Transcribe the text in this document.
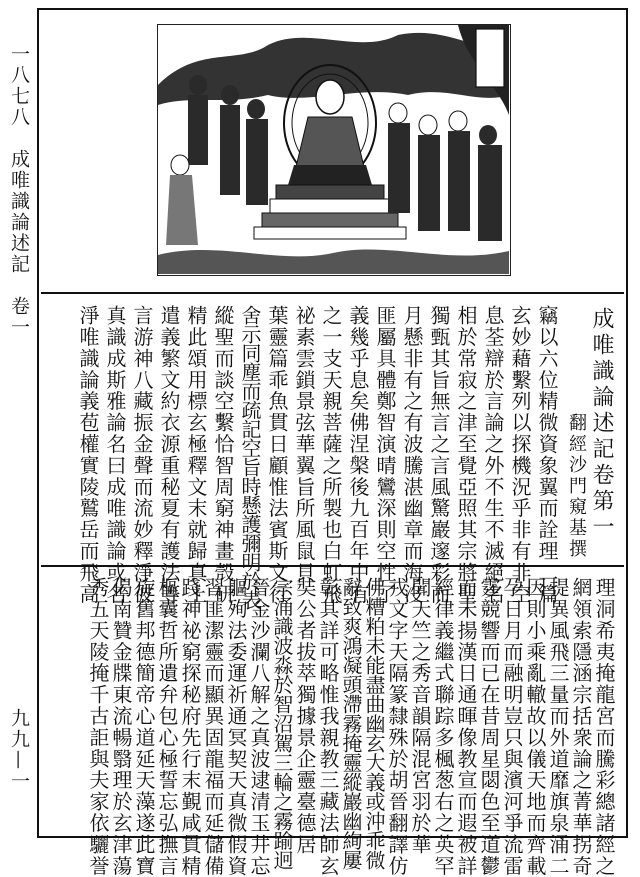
一八七八　成唯識論述記　卷一
九九—一
成唯識論述記卷第一
翻經沙門窺基撰
竊以六位精微資象翼而詮理二篇
玄妙藉繫列以探機況乎非有非空
息荃辯於言論之外不生不滅絕名
相於常寂之津至覺亞照其宗將聖
獨甄其旨無言之言風驚巖邃彩而
月懸非有之有波騰湛幽章而海沒
匪屬具體鄭智演晴鸞深則空性了
義幾乎息矣佛涅槃後九百年中有
之一支天親菩薩之所製也白虹飛
祕素雲鎖景弦華翼旨所風鼠貝
葉靈篇乖魚貫日顧惟法賓斯文行
舍示同塵而疏記空旨時懸護彌明於表
縱聖而談空繫恰智周窮神畫殼研
精此頌用標玄極釋文末就歸真上
遣義繁文約衣源重秘夏有護法等
言游神八藏振金聲而流妙釋淨彼
真識成斯雅論名曰成唯識論或名
淨唯識論義苞權實陵鷲岳而飛高
理洞希夷掩龍宮而騰彩總諸經之
網領索隱涵宗括衆論之菁華拐奇
提異風飛三量而外道靡旗泉涌二
因則小乘亂轍故以儀天地而齊載
孕日月而融明豈只與濱河爭流雷
霆競響而已在昔周星閟色至道鬱
而未揚漢日通暉像教宣而遐被詳
經律義繼式聯踪多楓葱右之英罕
聞天竺之秀音韻隔混宮羽於華
戎文字天隔篆隸殊於胡晉翻譯仿
佛糟粕未能盡曲幽玄大義或沖乖微
辭致爽鴻凝頭滯霧掩靈縱巖幽絢屢
彰其詳可略惟我親教三藏法師玄
奘公者拔萃獨據景企靈臺德居
宗涌識波淼於智沼駕三輪之霧踰迥
晉金沙瀾八解之真波逮清玉井忘
軀殉法委運祈通冥契天真微假資
習匪潔靈而顯異固龍福而延儲備
踐神祕窮探秘府先行末覲咸貫精
樞囊哲所遺弁包心極誓忘弘撫言
旋舊邦德簡帝心道延天藻遂此寶
偈南贊金牒東流暢翳理於玄津蕩
秀五天陵掩千古詎與夫家依驪誉
